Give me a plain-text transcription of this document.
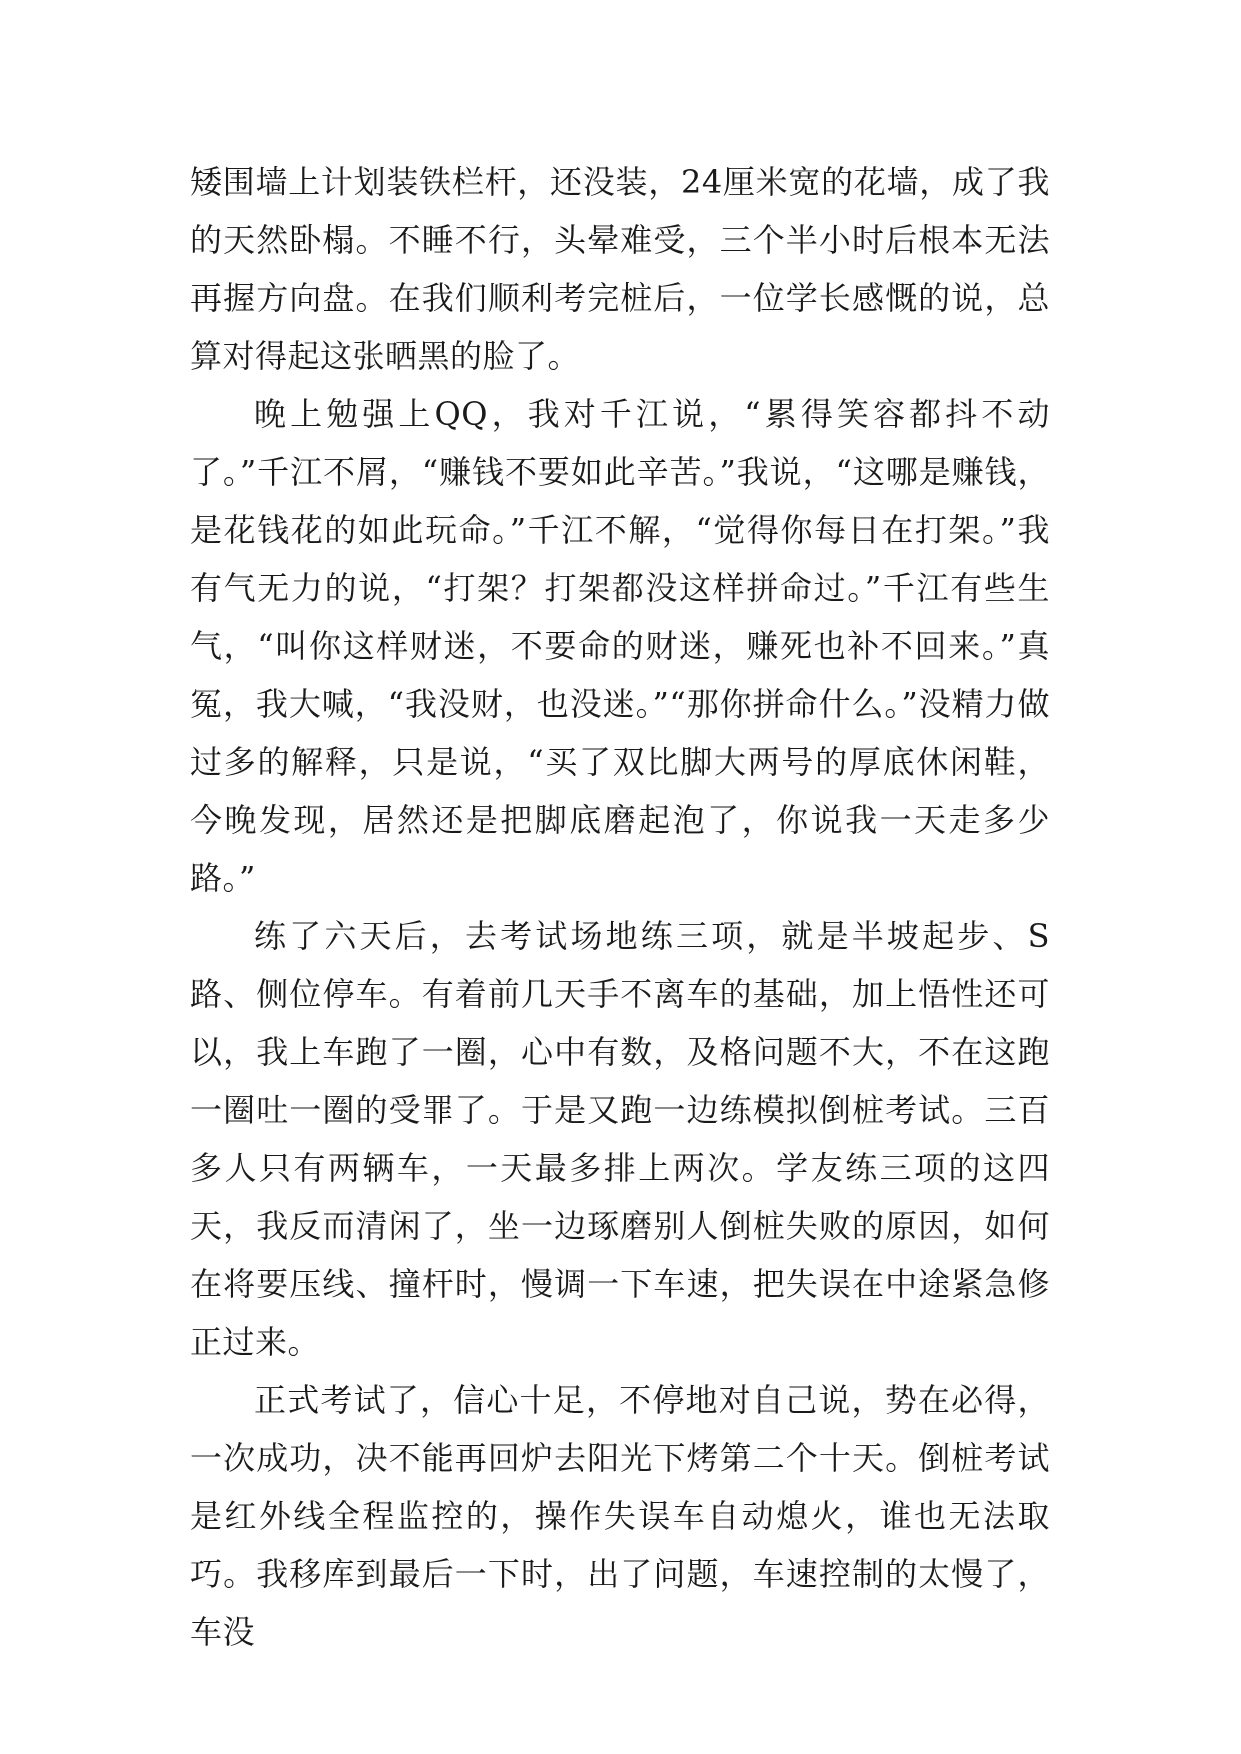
矮围墙上计划装铁栏杆，还没装，24厘米宽的花墙，成了我的天然卧榻。不睡不行，头晕难受，三个半小时后根本无法再握方向盘。在我们顺利考完桩后，一位学长感慨的说，总算对得起这张晒黑的脸了。

晚上勉强上QQ，我对千江说，“累得笑容都抖不动了。”千江不屑，“赚钱不要如此辛苦。”我说，“这哪是赚钱，是花钱花的如此玩命。”千江不解，“觉得你每日在打架。”我有气无力的说，“打架？打架都没这样拼命过。”千江有些生气，“叫你这样财迷，不要命的财迷，赚死也补不回来。”真冤，我大喊，“我没财，也没迷。”“那你拼命什么。”没精力做过多的解释，只是说，“买了双比脚大两号的厚底休闲鞋，今晚发现，居然还是把脚底磨起泡了，你说我一天走多少路。”

练了六天后，去考试场地练三项，就是半坡起步、S路、侧位停车。有着前几天手不离车的基础，加上悟性还可以，我上车跑了一圈，心中有数，及格问题不大，不在这跑一圈吐一圈的受罪了。于是又跑一边练模拟倒桩考试。三百多人只有两辆车，一天最多排上两次。学友练三项的这四天，我反而清闲了，坐一边琢磨别人倒桩失败的原因，如何在将要压线、撞杆时，慢调一下车速，把失误在中途紧急修正过来。

正式考试了，信心十足，不停地对自己说，势在必得，一次成功，决不能再回炉去阳光下烤第二个十天。倒桩考试是红外线全程监控的，操作失误车自动熄火，谁也无法取巧。我移库到最后一下时，出了问题，车速控制的太慢了，车没
